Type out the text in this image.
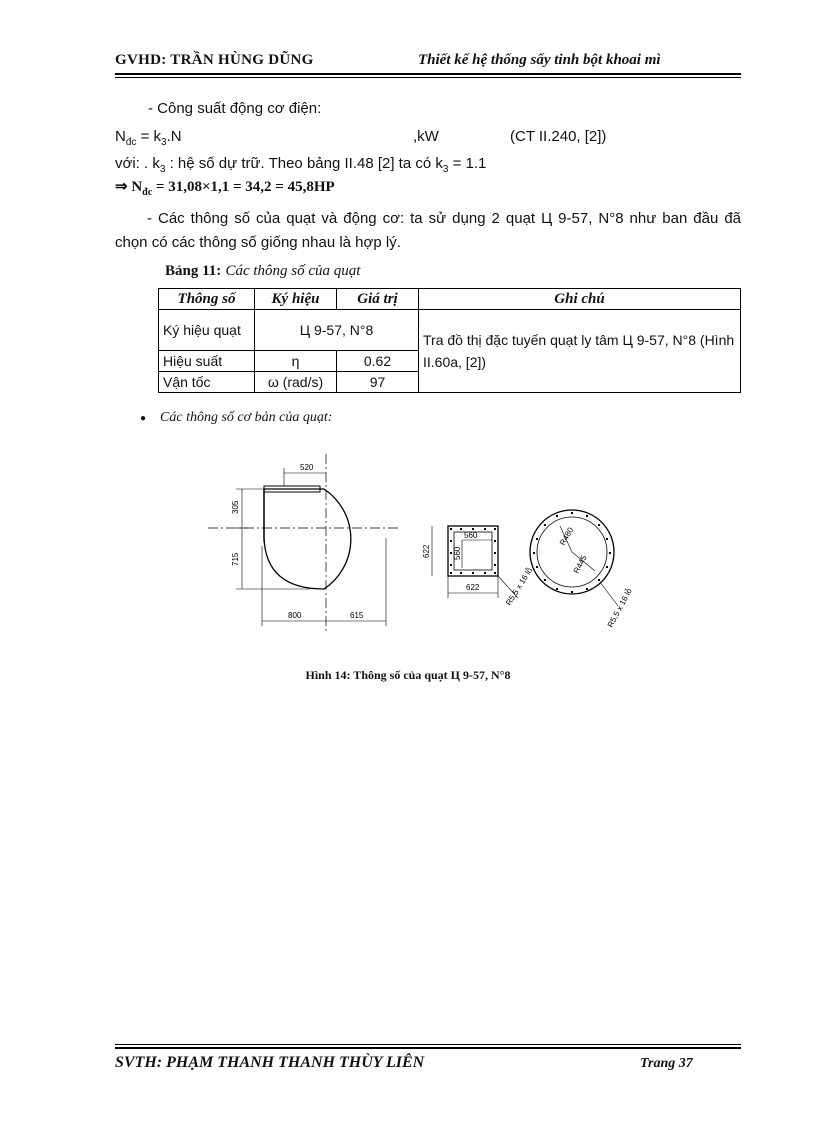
GVHD: TRẦN HÙNG DŨNG	Thiết kế hệ thống sấy tinh bột khoai mì
- Công suất động cơ điện:
$N_{đc} = k_3.N$	,kW	(CT II.240, [2])
với: . $k_3$ : hệ số dự trữ. Theo bảng II.48 [2] ta có $k_3 = 1.1$
⇒ $N_{đc} = 31,08\times 1,1 = 34,2 = 45,8HP$
- Các thông số của quạt và động cơ: ta sử dụng 2 quạt Ц 9-57, N°8 như ban đầu đã chọn có các thông số giống nhau là hợp lý.
Bảng 11: Các thông số của quạt
Thông số	Ký hiệu	Giá trị	Ghi chú
Ký hiệu quạt	Ц 9-57, N°8		Tra đồ thị đặc tuyến quạt ly tâm Ц 9-57, N°8 (Hình II.60a, [2])
Hiệu suất	η	0.62	
Vận tốc	ω (rad/s)	97	
● Các thông số cơ bản của quạt:
520
305
715
800	615
622
560
560
622	R5,5 x 16 lỗ
R480
R445
R5,5 x 16 lỗ
Hình 14: Thông số của quạt Ц 9-57, N°8
SVTH: PHẠM THANH THANH THÙY LIÊN	Trang 37
